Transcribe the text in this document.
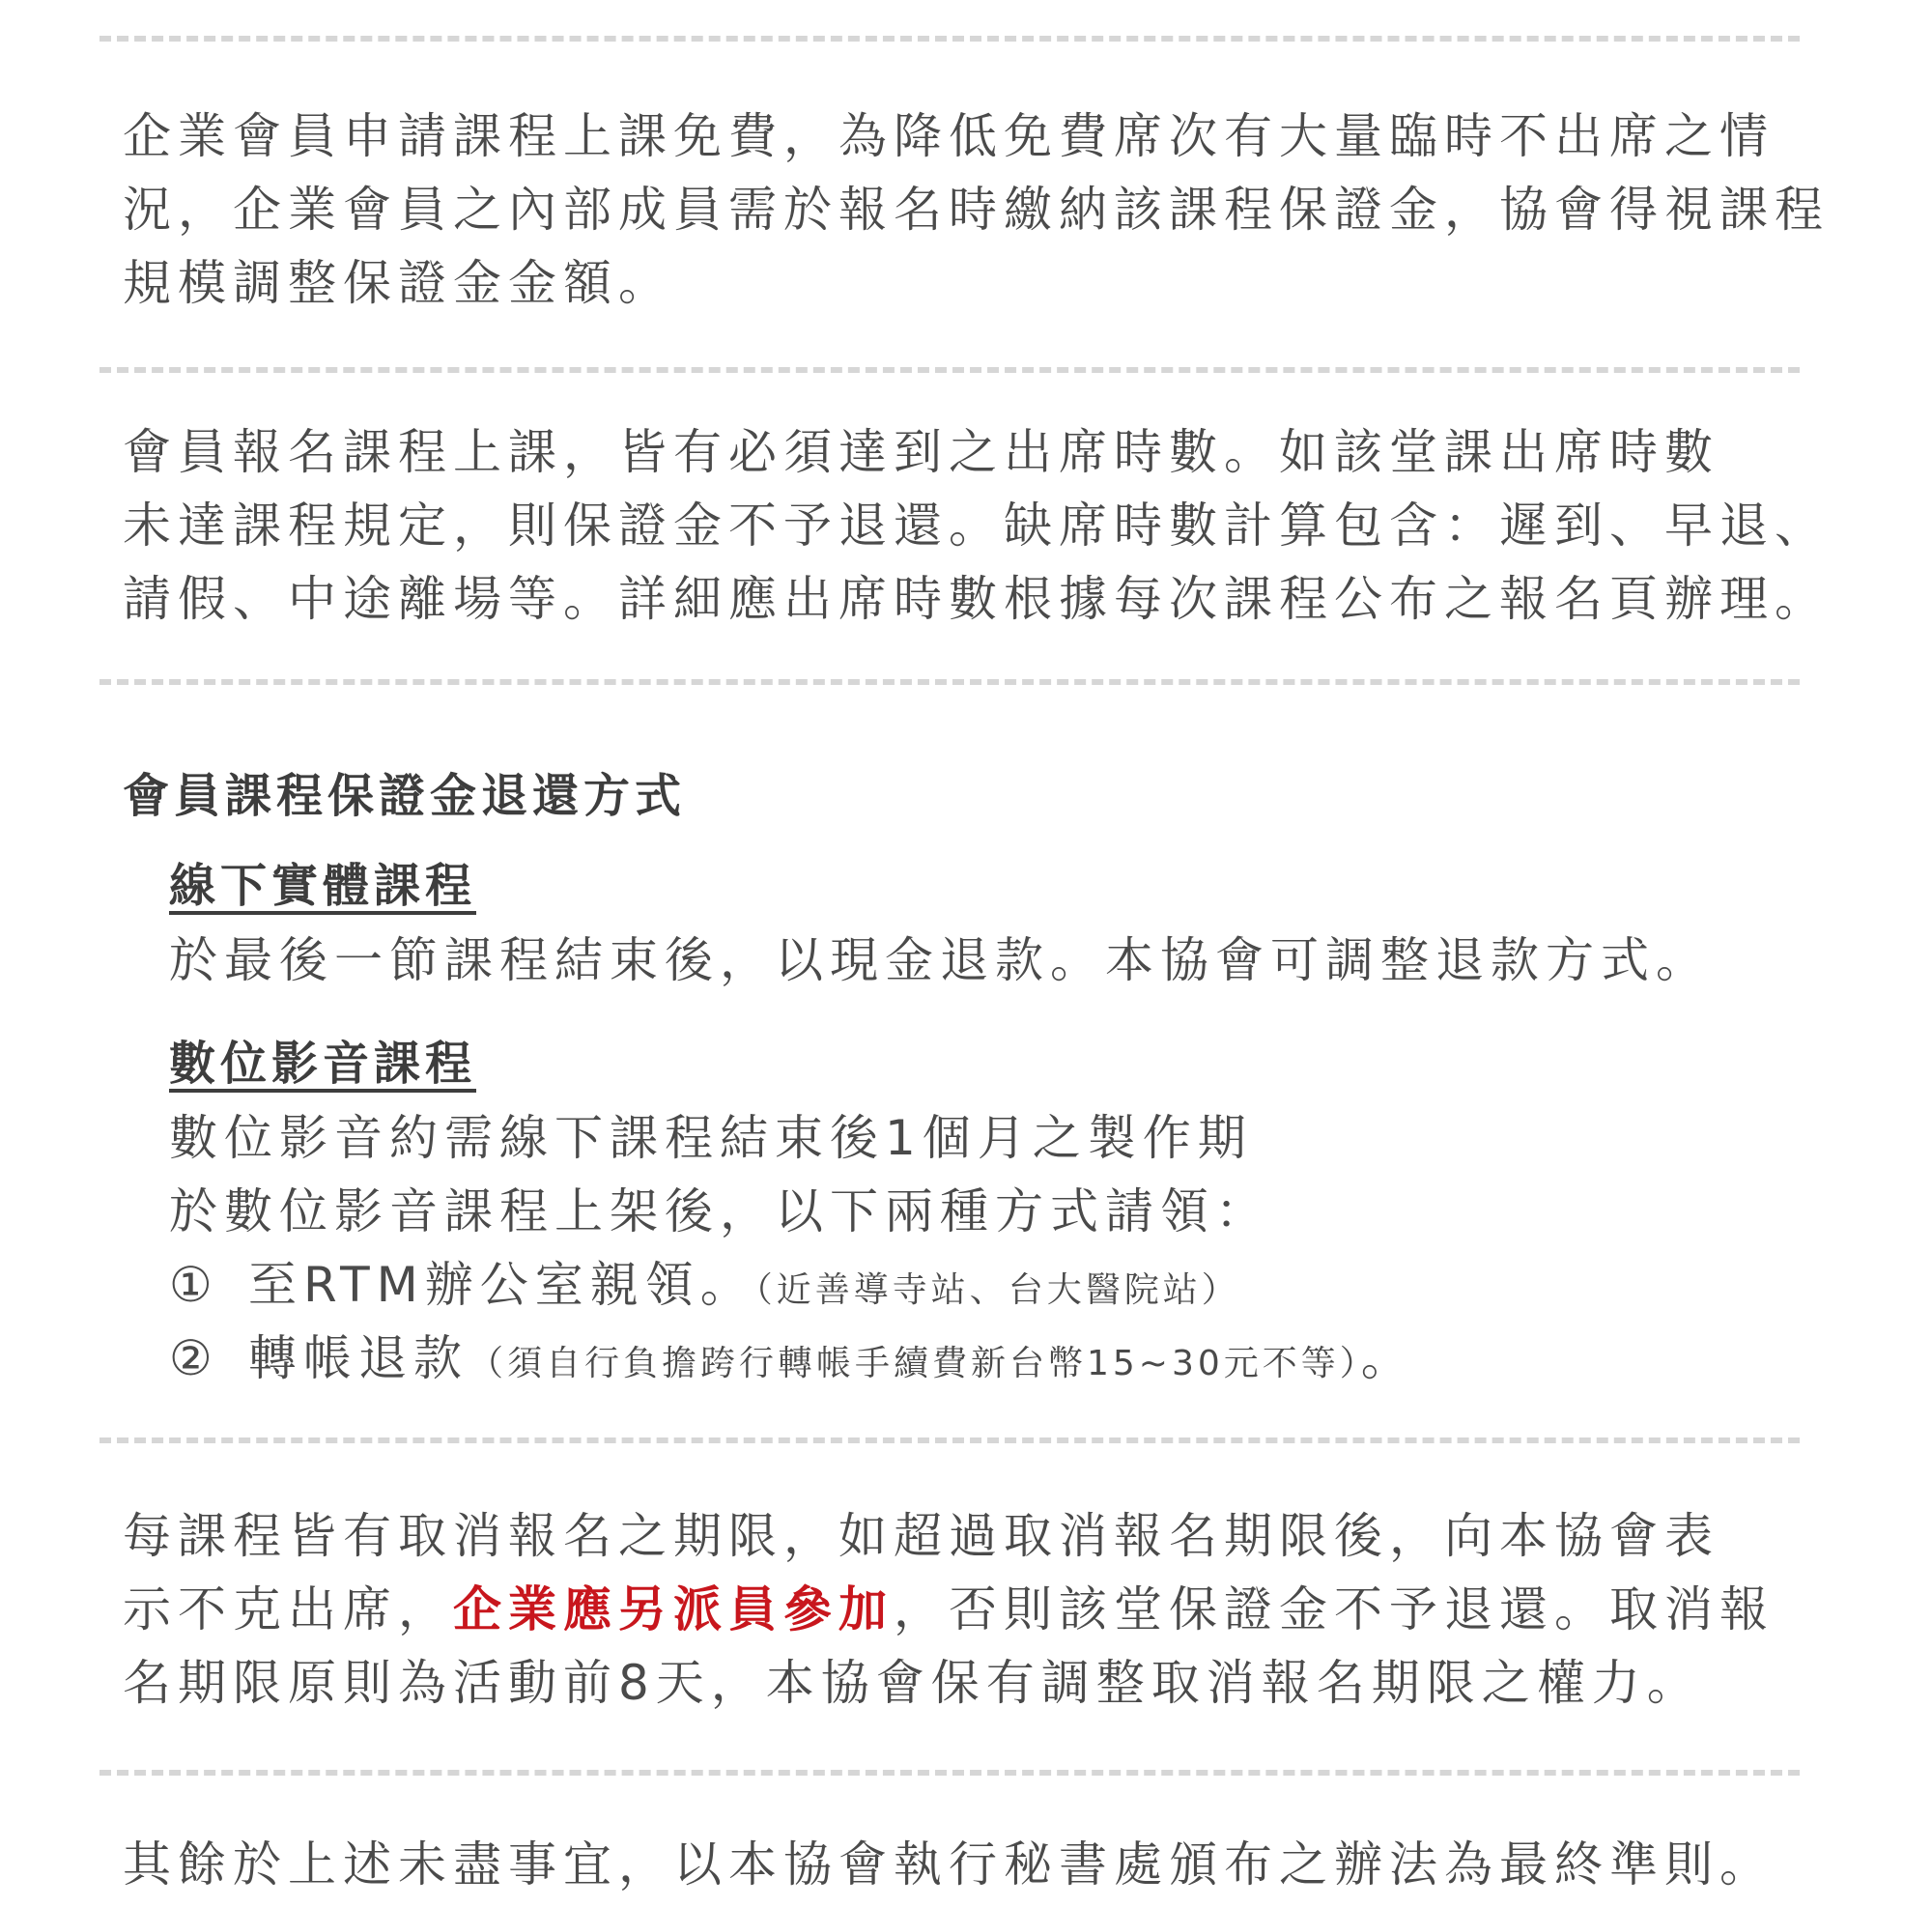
企業會員申請課程上課免費，為降低免費席次有大量臨時不出席之情
況，企業會員之內部成員需於報名時繳納該課程保證金，協會得視課程
規模調整保證金金額。
會員報名課程上課，皆有必須達到之出席時數。如該堂課出席時數
未達課程規定，則保證金不予退還。缺席時數計算包含：遲到、早退、
請假、中途離場等。詳細應出席時數根據每次課程公布之報名頁辦理。
會員課程保證金退還方式
線下實體課程

於最後一節課程結束後，以現金退款。本協會可調整退款方式。

數位影音課程

數位影音約需線下課程結束後1個月之製作期

於數位影音課程上架後，以下兩種方式請領：

① 至RTM辦公室親領。（近善導寺站、台大醫院站）

② 轉帳退款（須自行負擔跨行轉帳手續費新台幣15~30元不等）。

每課程皆有取消報名之期限，如超過取消報名期限後，向本協會表
示不克出席，企業應另派員參加，否則該堂保證金不予退還。取消報
名期限原則為活動前8天，本協會保有調整取消報名期限之權力。

其餘於上述未盡事宜，以本協會執行秘書處頒布之辦法為最終準則。
